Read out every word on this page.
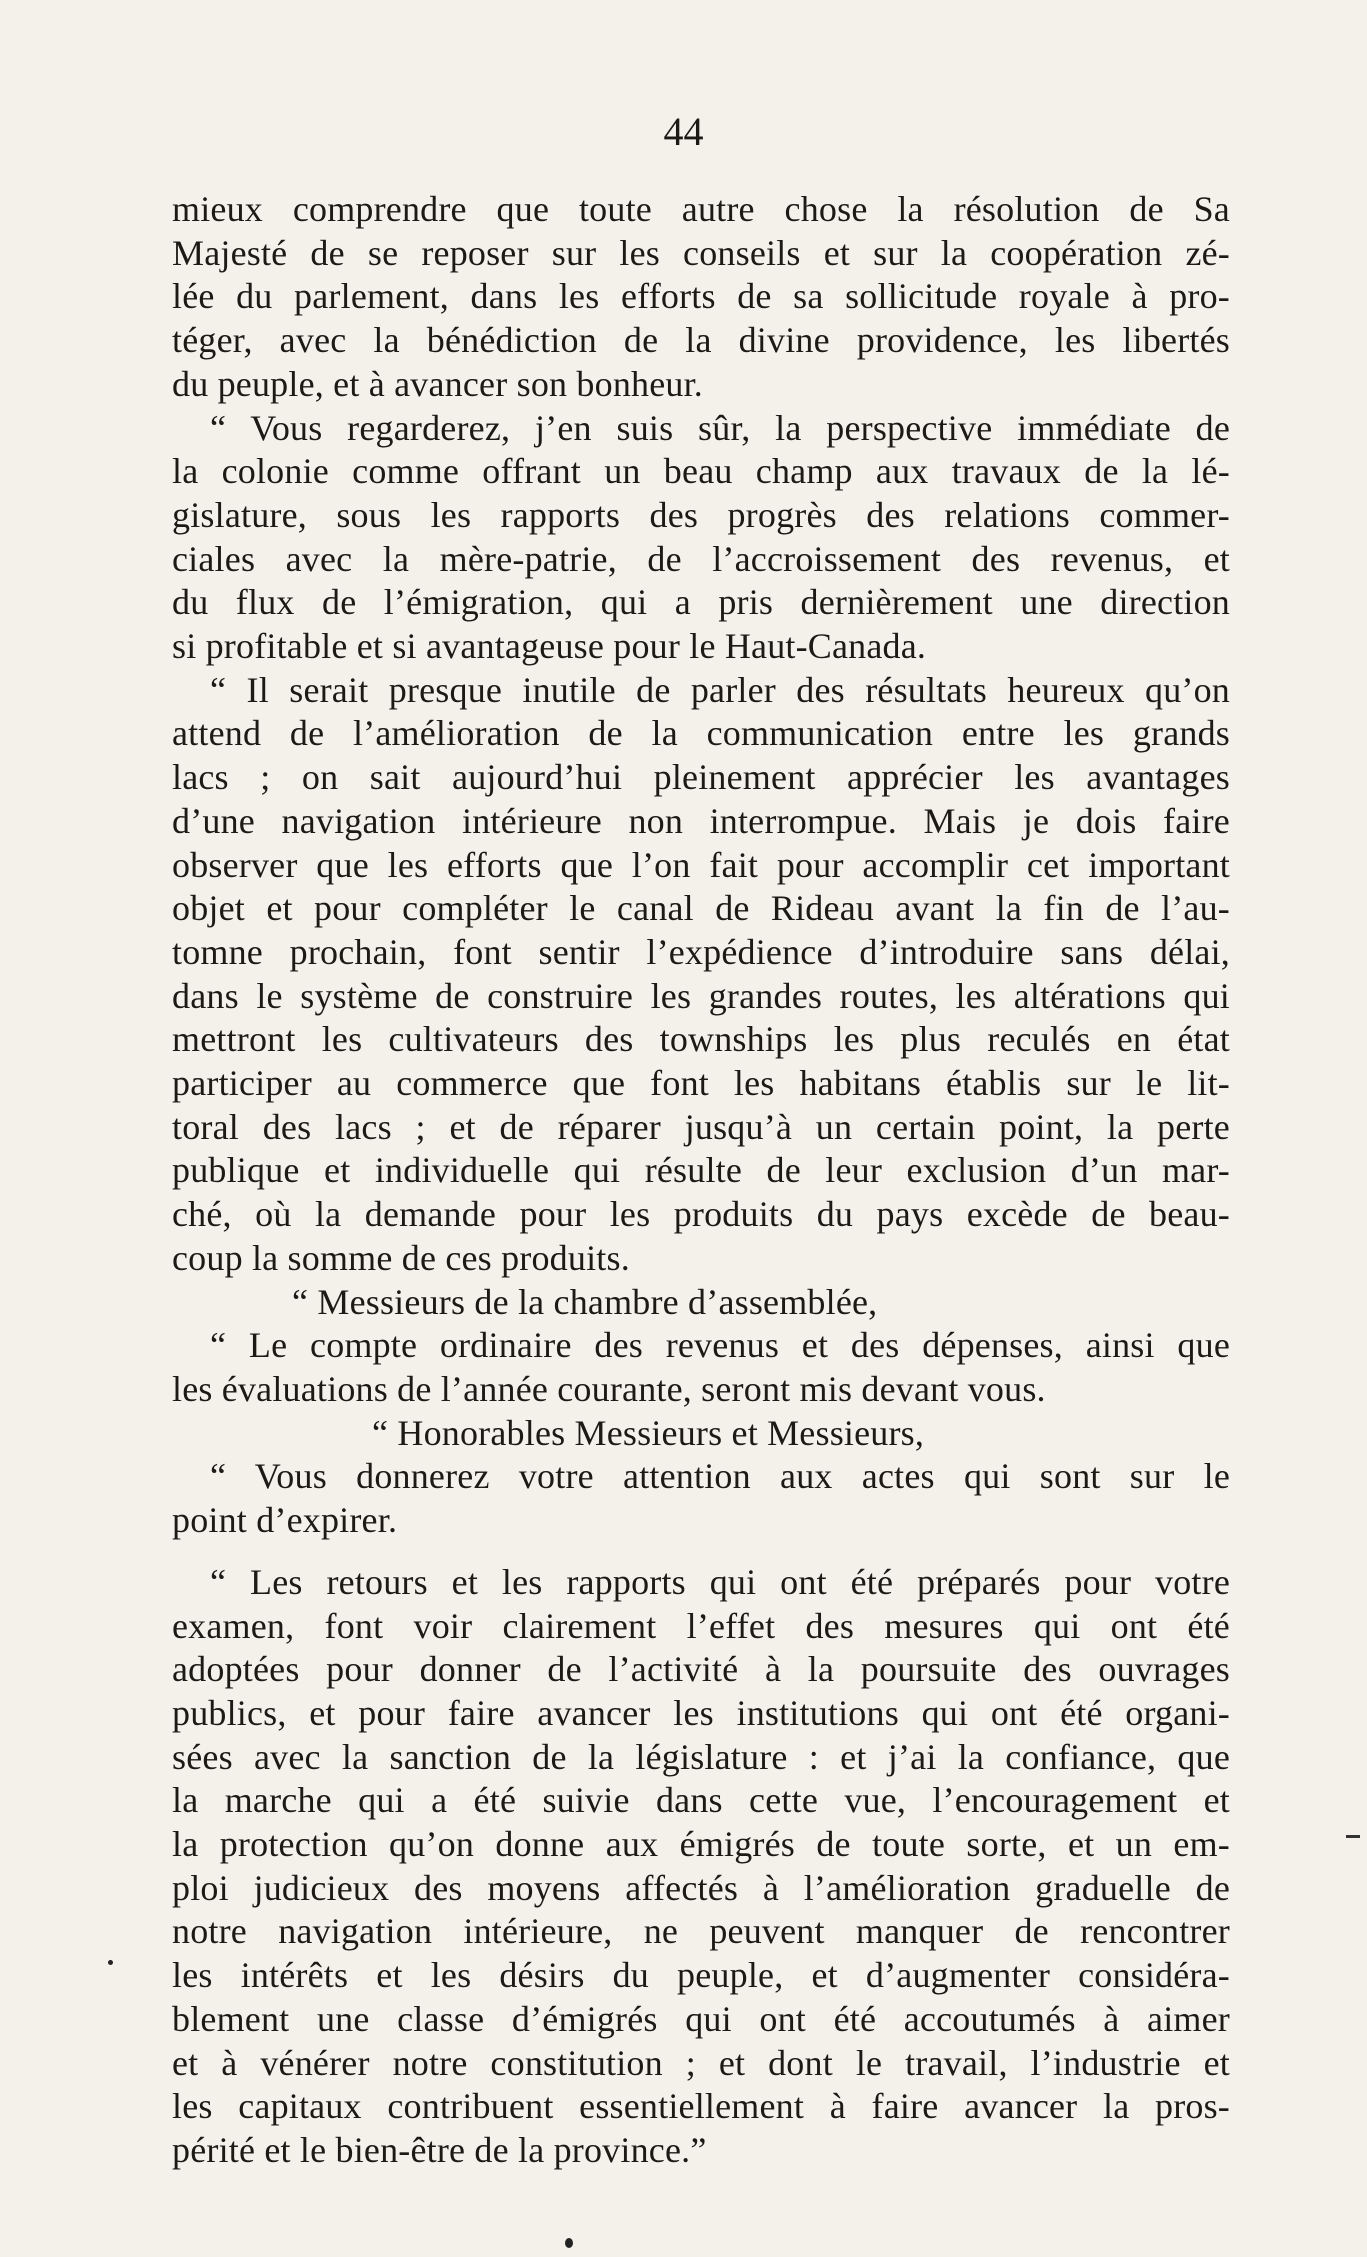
44
mieux comprendre que toute autre chose la résolution de Sa
Majesté de se reposer sur les conseils et sur la coopération zé-
lée du parlement, dans les efforts de sa sollicitude royale à pro-
téger, avec la bénédiction de la divine providence, les libertés
du peuple, et à avancer son bonheur.
“ Vous regarderez, j’en suis sûr, la perspective immédiate de
la colonie comme offrant un beau champ aux travaux de la lé-
gislature, sous les rapports des progrès des relations commer-
ciales avec la mère-patrie, de l’accroissement des revenus, et
du flux de l’émigration, qui a pris dernièrement une direction
si profitable et si avantageuse pour le Haut-Canada.
“ Il serait presque inutile de parler des résultats heureux qu’on
attend de l’amélioration de la communication entre les grands
lacs ; on sait aujourd’hui pleinement apprécier les avantages
d’une navigation intérieure non interrompue. Mais je dois faire
observer que les efforts que l’on fait pour accomplir cet important
objet et pour compléter le canal de Rideau avant la fin de l’au-
tomne prochain, font sentir l’expédience d’introduire sans délai,
dans le système de construire les grandes routes, les altérations qui
mettront les cultivateurs des townships les plus reculés en état
participer au commerce que font les habitans établis sur le lit-
toral des lacs ; et de réparer jusqu’à un certain point, la perte
publique et individuelle qui résulte de leur exclusion d’un mar-
ché, où la demande pour les produits du pays excède de beau-
coup la somme de ces produits.
“ Messieurs de la chambre d’assemblée,
“ Le compte ordinaire des revenus et des dépenses, ainsi que
les évaluations de l’année courante, seront mis devant vous.
“ Honorables Messieurs et Messieurs,
“ Vous donnerez votre attention aux actes qui sont sur le
point d’expirer.
“ Les retours et les rapports qui ont été préparés pour votre
examen, font voir clairement l’effet des mesures qui ont été
adoptées pour donner de l’activité à la poursuite des ouvrages
publics, et pour faire avancer les institutions qui ont été organi-
sées avec la sanction de la législature : et j’ai la confiance, que
la marche qui a été suivie dans cette vue, l’encouragement et
la protection qu’on donne aux émigrés de toute sorte, et un em-
ploi judicieux des moyens affectés à l’amélioration graduelle de
notre navigation intérieure, ne peuvent manquer de rencontrer
les intérêts et les désirs du peuple, et d’augmenter considéra-
blement une classe d’émigrés qui ont été accoutumés à aimer
et à vénérer notre constitution ; et dont le travail, l’industrie et
les capitaux contribuent essentiellement à faire avancer la pros-
périté et le bien-être de la province.”
